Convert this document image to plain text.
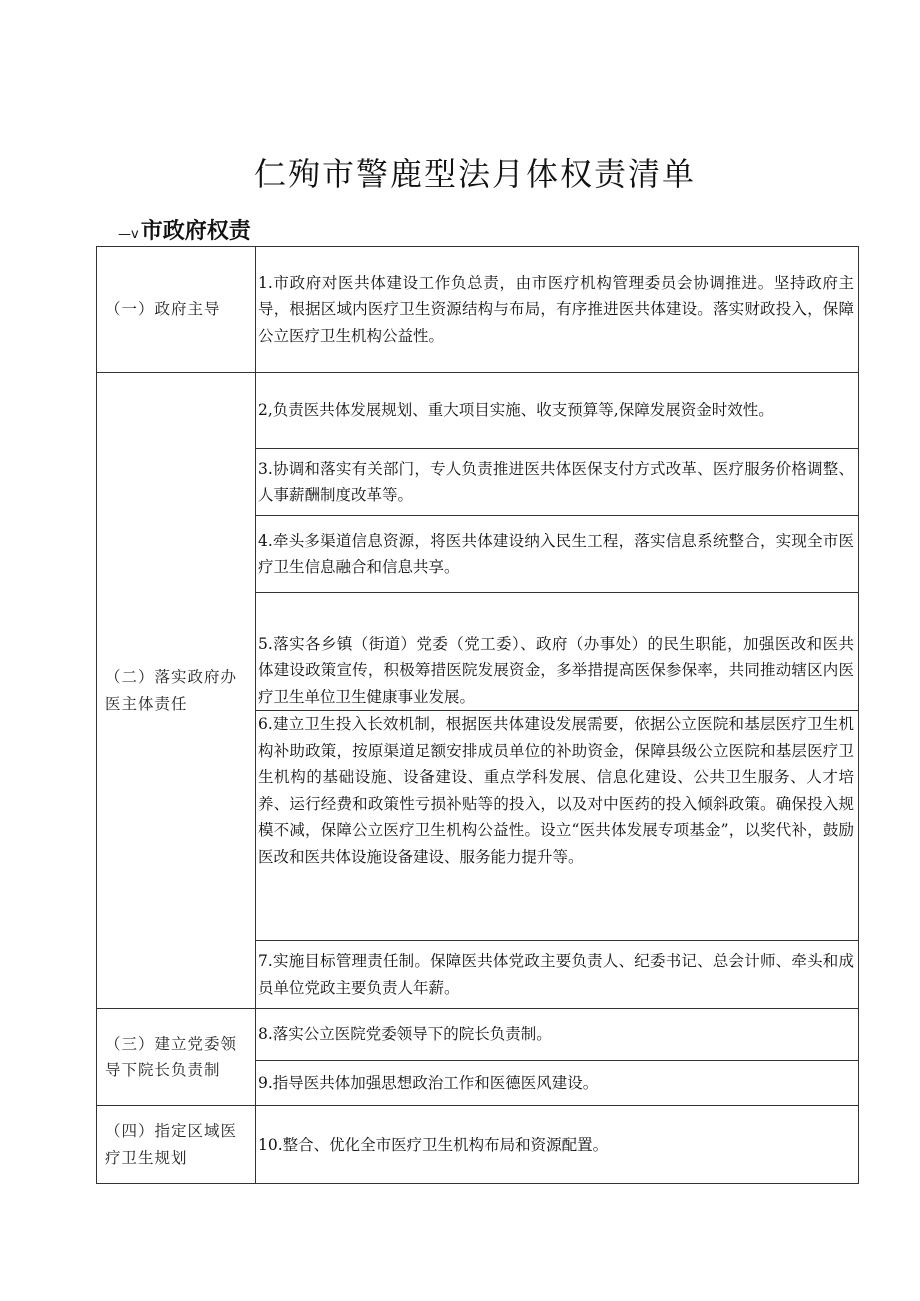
仁殉市警鹿型法月体权责清单
—v市政府权责
（一）政府主导	1.市政府对医共体建设工作负总责，由市医疗机构管理委员会协调推进。坚持政府主导，根据区域内医疗卫生资源结构与布局，有序推进医共体建设。落实财政投入，保障公立医疗卫生机构公益性。
（二）落实政府办医主体责任	2,负责医共体发展规划、重大项目实施、收支预算等,保障发展资金时效性。
	3.协调和落实有关部门，专人负责推进医共体医保支付方式改革、医疗服务价格调整、人事薪酬制度改革等。
	4.牵头多渠道信息资源，将医共体建设纳入民生工程，落实信息系统整合，实现全市医疗卫生信息融合和信息共享。
	5.落实各乡镇（街道）党委（党工委）、政府（办事处）的民生职能，加强医改和医共体建设政策宣传，积极筹措医院发展资金，多举措提高医保参保率，共同推动辖区内医疗卫生单位卫生健康事业发展。
	6.建立卫生投入长效机制，根据医共体建设发展需要，依据公立医院和基层医疗卫生机构补助政策，按原渠道足额安排成员单位的补助资金，保障县级公立医院和基层医疗卫生机构的基础设施、设备建设、重点学科发展、信息化建设、公共卫生服务、人才培养、运行经费和政策性亏损补贴等的投入，以及对中医药的投入倾斜政策。确保投入规模不减，保障公立医疗卫生机构公益性。设立“医共体发展专项基金”，以奖代补，鼓励医改和医共体设施设备建设、服务能力提升等。
	7.实施目标管理责任制。保障医共体党政主要负责人、纪委书记、总会计师、牵头和成员单位党政主要负责人年薪。
（三）建立党委领导下院长负责制	8.落实公立医院党委领导下的院长负责制。
	9.指导医共体加强思想政治工作和医德医风建设。
（四）指定区域医疗卫生规划	10.整合、优化全市医疗卫生机构布局和资源配置。
